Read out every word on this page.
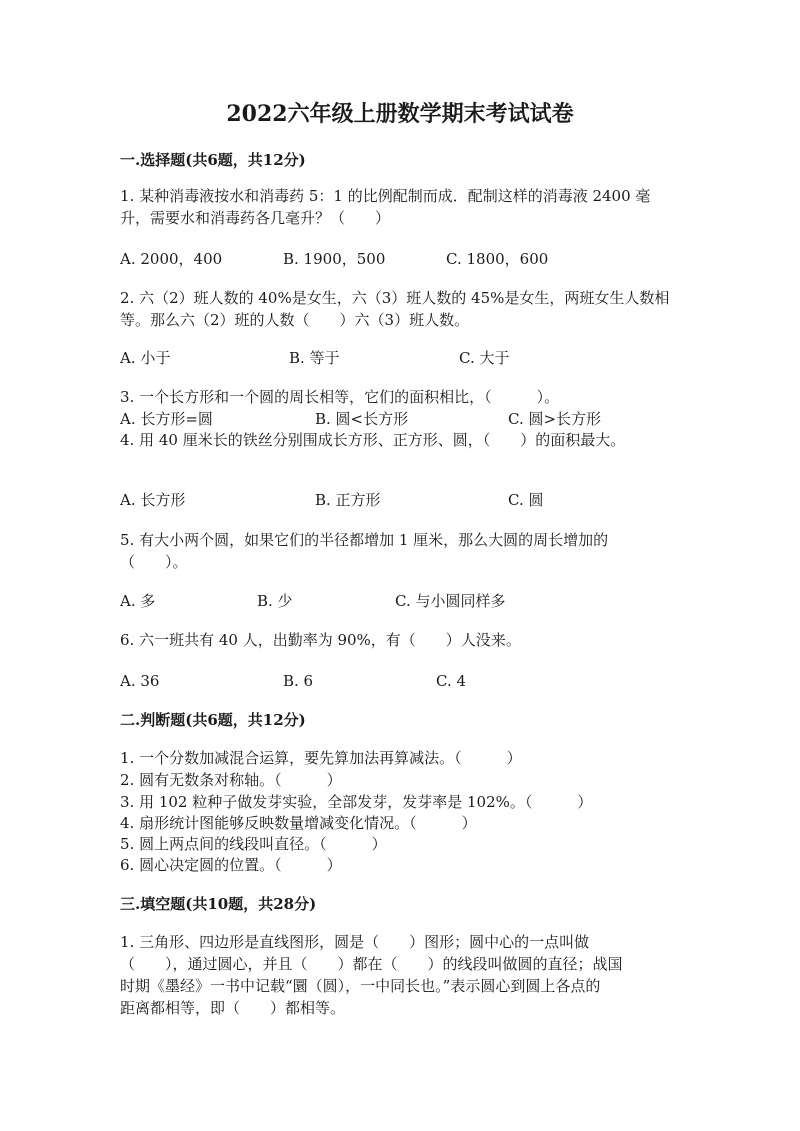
2022六年级上册数学期末考试试卷
一.选择题(共6题，共12分)
1. 某种消毒液按水和消毒药 5：1 的比例配制而成．配制这样的消毒液 2400 毫
升，需要水和消毒药各几毫升？（　　）
A. 2000，400	B. 1900，500	C. 1800，600
2. 六（2）班人数的 40%是女生，六（3）班人数的 45%是女生，两班女生人数相
等。那么六（2）班的人数（　　）六（3）班人数。
A. 小于	B. 等于	C. 大于
3. 一个长方形和一个圆的周长相等，它们的面积相比，（　　　）。
A. 长方形=圆	B. 圆<长方形	C. 圆>长方形
4. 用 40 厘米长的铁丝分别围成长方形、正方形、圆，（　　）的面积最大。
A. 长方形	B. 正方形	C. 圆
5. 有大小两个圆，如果它们的半径都增加 1 厘米，那么大圆的周长增加的
（　　）。
A. 多	B. 少	C. 与小圆同样多
6. 六一班共有 40 人，出勤率为 90%，有（　　）人没来。
A. 36	B. 6	C. 4
二.判断题(共6题，共12分)
1. 一个分数加减混合运算，要先算加法再算减法。（　　　）
2. 圆有无数条对称轴。（　　　）
3. 用 102 粒种子做发芽实验，全部发芽，发芽率是 102%。（　　　）
4. 扇形统计图能够反映数量增减变化情况。（　　　）
5. 圆上两点间的线段叫直径。（　　　）
6. 圆心决定圆的位置。（　　　）
三.填空题(共10题，共28分)
1. 三角形、四边形是直线图形，圆是（　　）图形；圆中心的一点叫做
（　　），通过圆心，并且（　　）都在（　　）的线段叫做圆的直径；战国
时期《墨经》一书中记载“圜（圆），一中同长也。”表示圆心到圆上各点的
距离都相等，即（　　）都相等。
